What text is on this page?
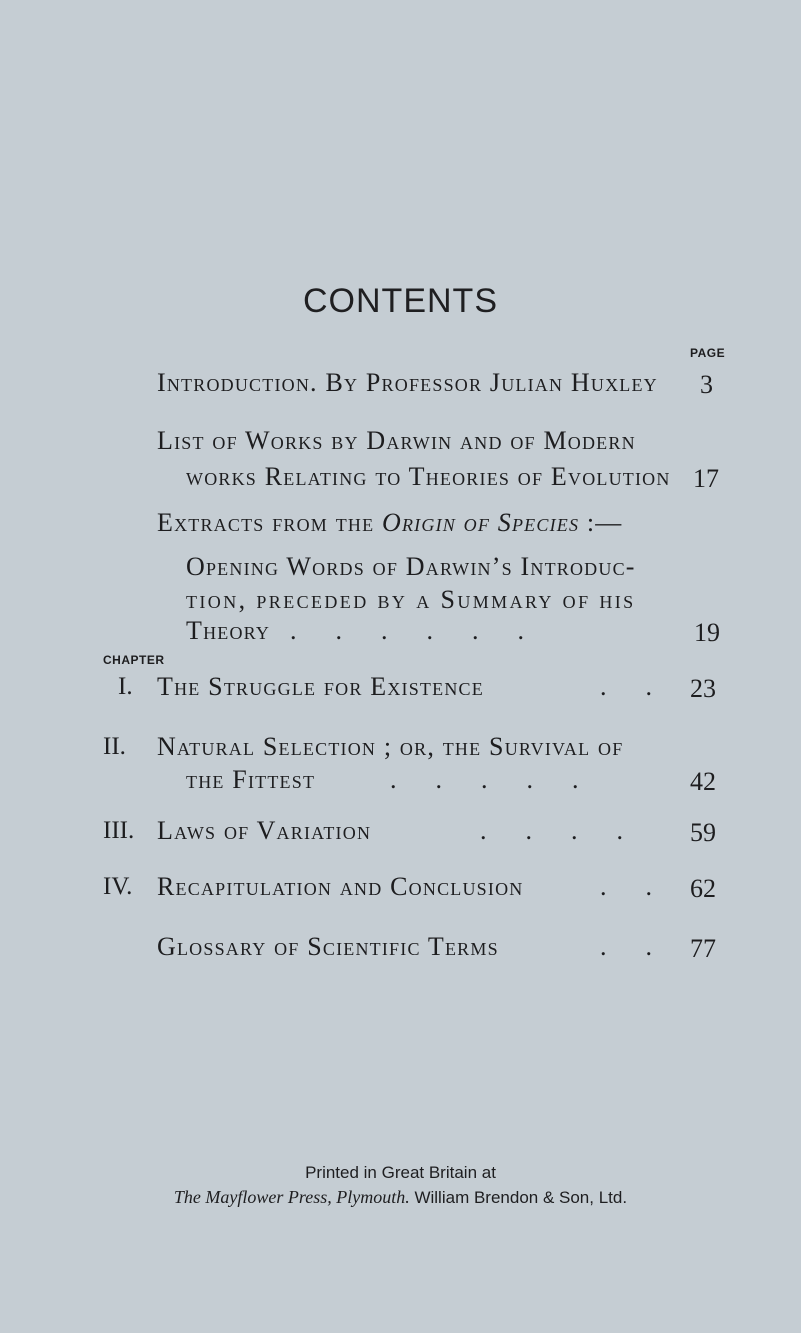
CONTENTS
PAGE
Introduction. By Professor Julian Huxley 3
List of Works by Darwin and of Modern
works Relating to Theories of Evolution 17
Extracts from the Origin of Species :—
Opening Words of Darwin’s Introduc-
tion, preceded by a Summary of his
Theory .      .      .      .      .      .	19
CHAPTER
I. The Struggle for Existence	.      . 23
II. Natural Selection ; or, the Survival of
the Fittest	.      .      .      .      .	42
III. Laws of Variation	.      .      .      .	59
IV. Recapitulation and Conclusion	.      . 62
Glossary of Scientific Terms	.      . 77
Printed in Great Britain at
The Mayflower Press, Plymouth. William Brendon & Son, Ltd.
